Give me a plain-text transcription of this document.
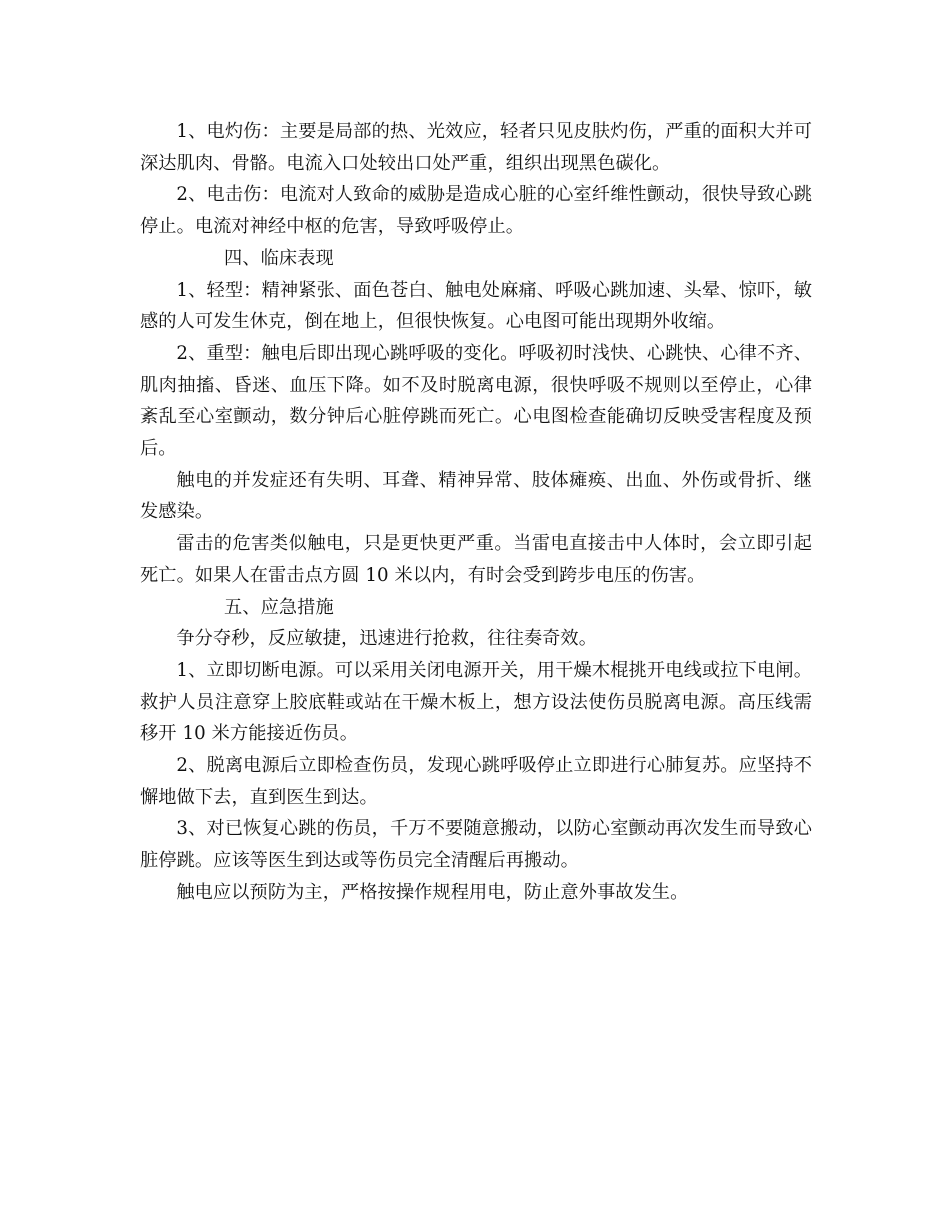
1、电灼伤：主要是局部的热、光效应，轻者只见皮肤灼伤，严重的面积大并可深达肌肉、骨骼。电流入口处较出口处严重，组织出现黑色碳化。

2、电击伤：电流对人致命的威胁是造成心脏的心室纤维性颤动，很快导致心跳停止。电流对神经中枢的危害，导致呼吸停止。

四、临床表现

1、轻型：精神紧张、面色苍白、触电处麻痛、呼吸心跳加速、头晕、惊吓，敏感的人可发生休克，倒在地上，但很快恢复。心电图可能出现期外收缩。

2、重型：触电后即出现心跳呼吸的变化。呼吸初时浅快、心跳快、心律不齐、肌肉抽搐、昏迷、血压下降。如不及时脱离电源，很快呼吸不规则以至停止，心律紊乱至心室颤动，数分钟后心脏停跳而死亡。心电图检查能确切反映受害程度及预后。

触电的并发症还有失明、耳聋、精神异常、肢体瘫痪、出血、外伤或骨折、继发感染。

雷击的危害类似触电，只是更快更严重。当雷电直接击中人体时，会立即引起死亡。如果人在雷击点方圆 10 米以内，有时会受到跨步电压的伤害。

五、应急措施

争分夺秒，反应敏捷，迅速进行抢救，往往奏奇效。

1、立即切断电源。可以采用关闭电源开关，用干燥木棍挑开电线或拉下电闸。救护人员注意穿上胶底鞋或站在干燥木板上，想方设法使伤员脱离电源。高压线需移开 10 米方能接近伤员。

2、脱离电源后立即检查伤员，发现心跳呼吸停止立即进行心肺复苏。应坚持不懈地做下去，直到医生到达。

3、对已恢复心跳的伤员，千万不要随意搬动，以防心室颤动再次发生而导致心脏停跳。应该等医生到达或等伤员完全清醒后再搬动。

触电应以预防为主，严格按操作规程用电，防止意外事故发生。
